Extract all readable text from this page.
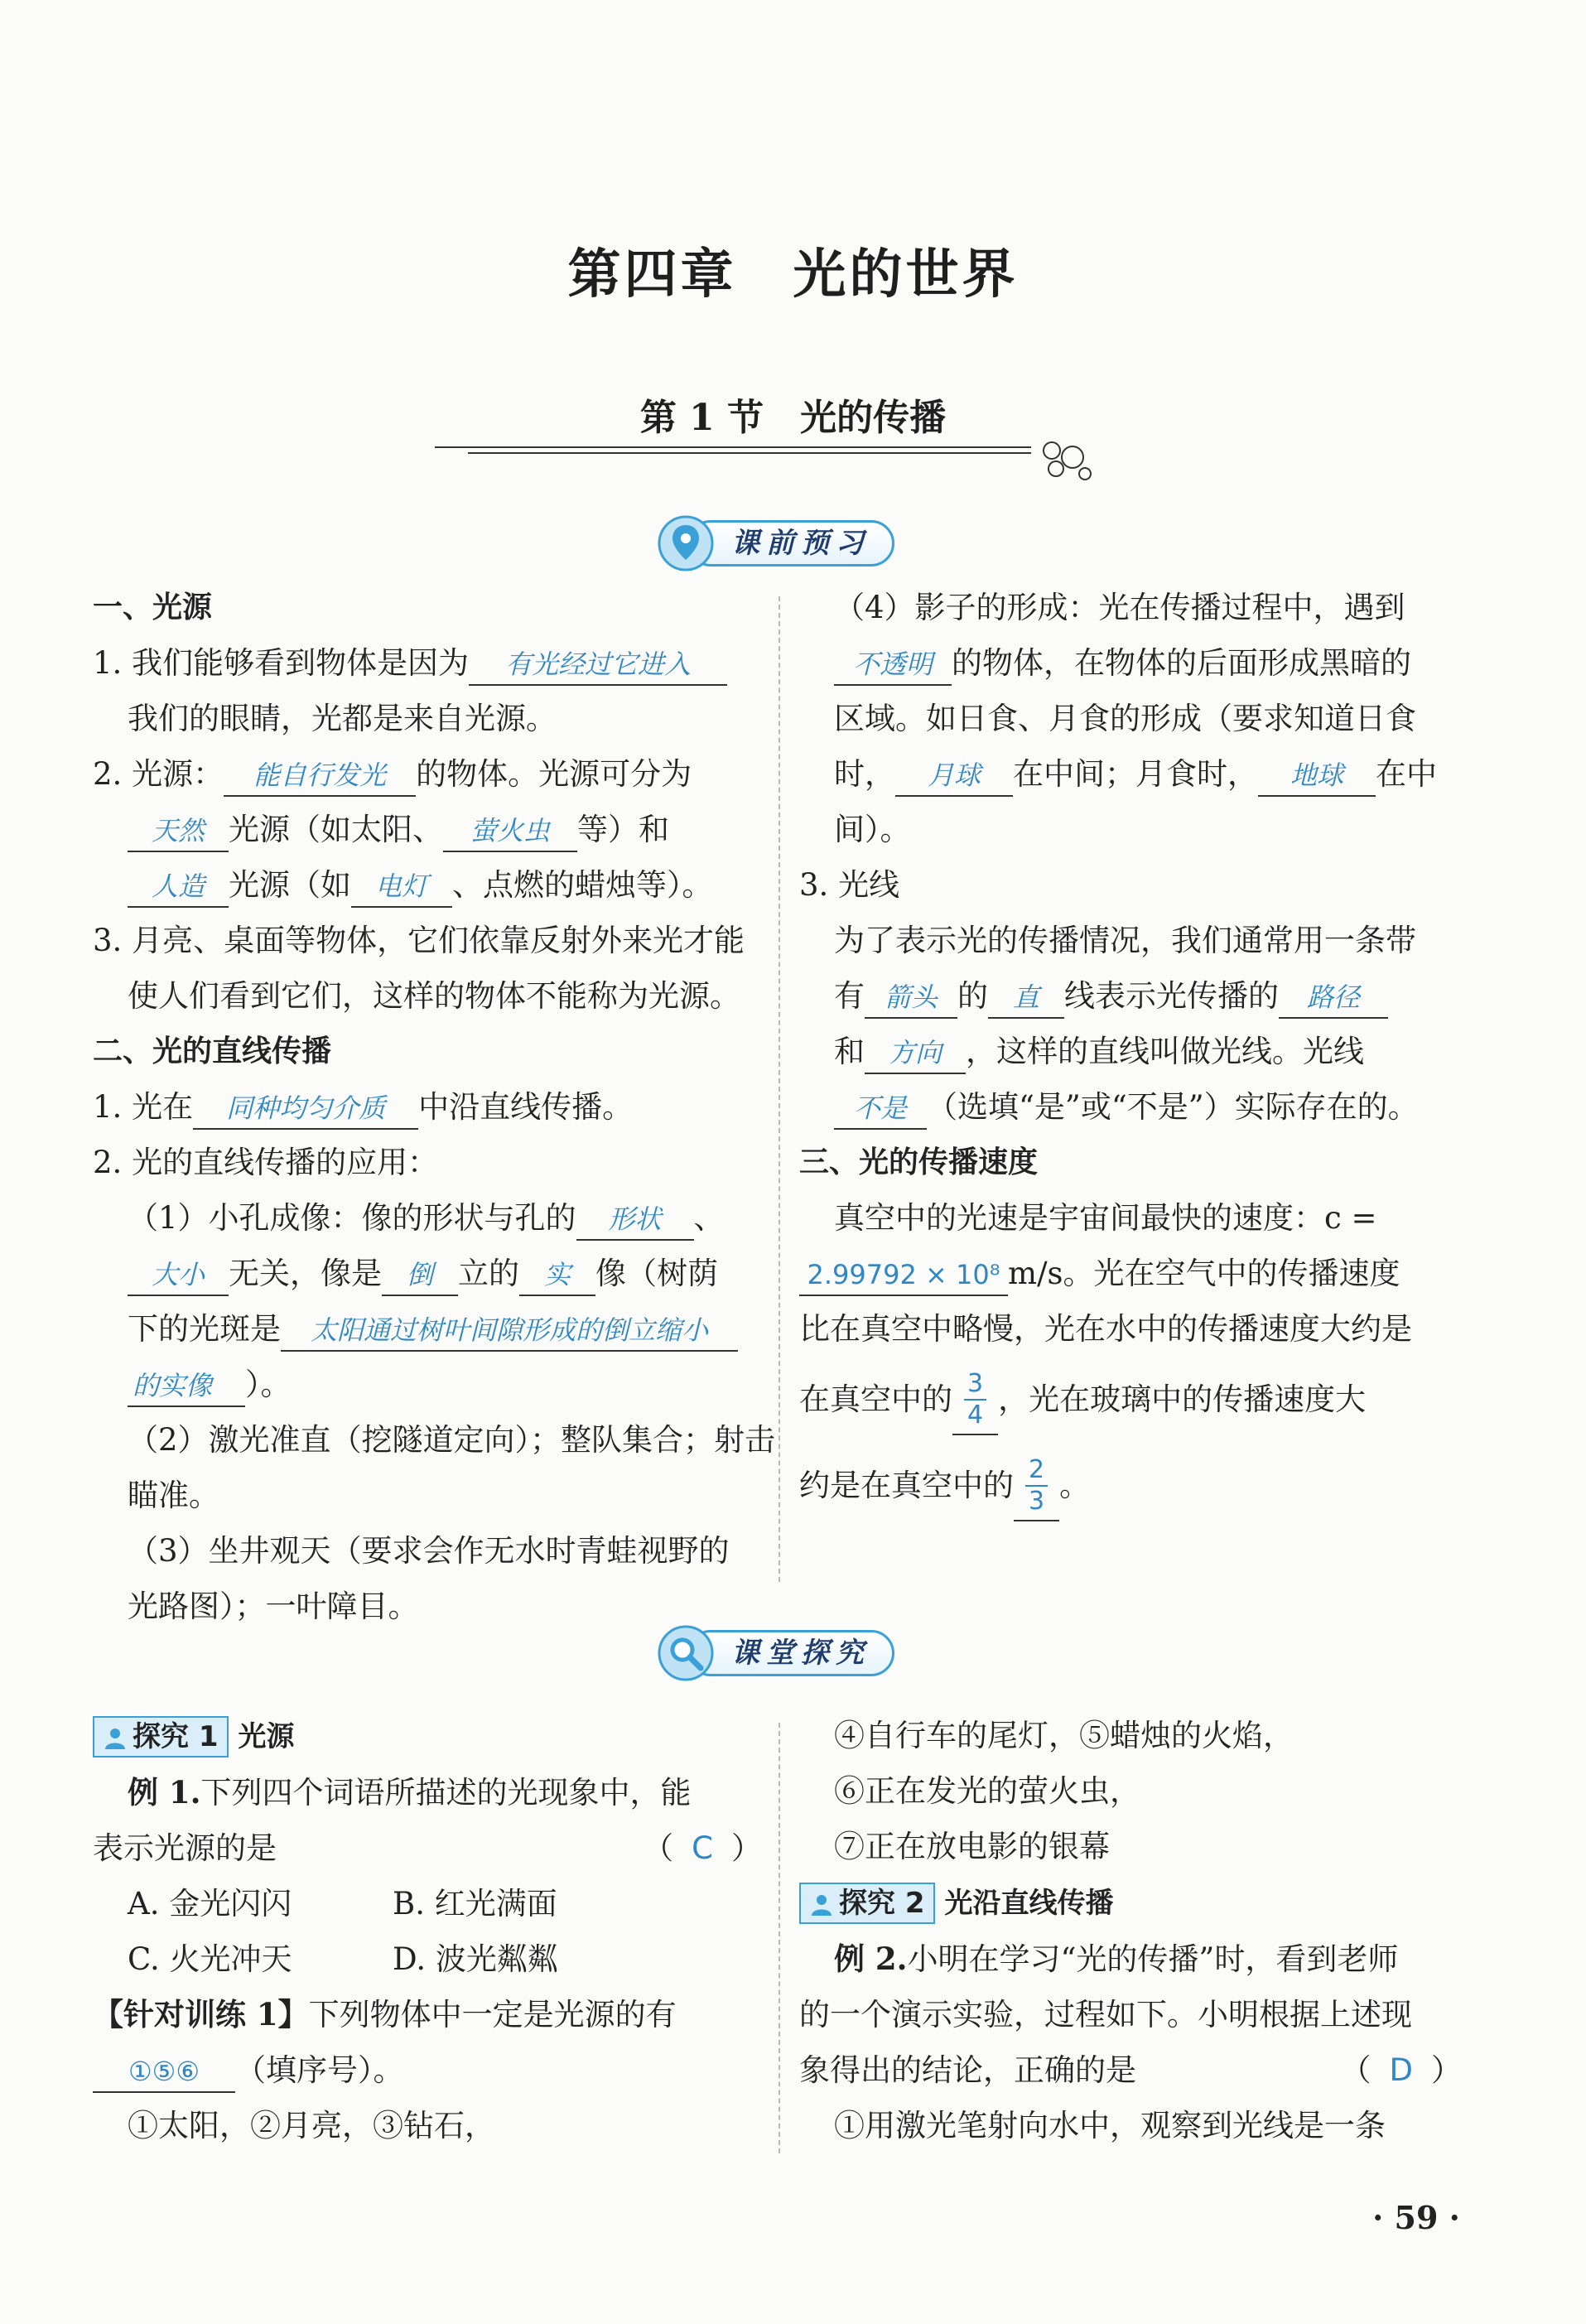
第四章　光的世界
第 1 节　光的传播
课前预习
一、光源
1. 我们能够看到物体是因为 有光经过它进入
我们的眼睛，光都是来自光源。
2. 光源： 能自行发光 的物体。光源可分为
天然 光源（如太阳、 萤火虫 等）和
人造 光源（如 电灯 、点燃的蜡烛等）。
3. 月亮、桌面等物体，它们依靠反射外来光才能
使人们看到它们，这样的物体不能称为光源。
二、光的直线传播
1. 光在 同种均匀介质 中沿直线传播。
2. 光的直线传播的应用：
（1）小孔成像：像的形状与孔的 形状 、
大小 无关，像是 倒 立的 实 像（树荫
下的光斑是 太阳通过树叶间隙形成的倒立缩小
的实像 ）。
（2）激光准直（挖隧道定向）；整队集合；射击
瞄准。
（3）坐井观天（要求会作无水时青蛙视野的
光路图）；一叶障目。
（4）影子的形成：光在传播过程中，遇到
不透明 的物体，在物体的后面形成黑暗的
区域。如日食、月食的形成（要求知道日食
时， 月球 在中间；月食时， 地球 在中
间）。
3. 光线
为了表示光的传播情况，我们通常用一条带
有 箭头 的 直 线表示光传播的 路径
和 方向 ，这样的直线叫做光线。光线
不是 （选填“是”或“不是”）实际存在的。
三、光的传播速度
真空中的光速是宇宙间最快的速度：c =
2.99792 × 10⁸ m/s。光在空气中的传播速度
比在真空中略慢，光在水中的传播速度大约是
在真空中的 $\frac{3}{4}$ ，光在玻璃中的传播速度大
约是在真空中的 $\frac{2}{3}$ 。
课堂探究
探究 1 光源
例 1.下列四个词语所描述的光现象中，能
表示光源的是	（ C ）
A. 金光闪闪	B. 红光满面
C. 火光冲天	D. 波光粼粼
【针对训练 1】下列物体中一定是光源的有
①⑤⑥ （填序号）。
①太阳，②月亮，③钻石，
④自行车的尾灯，⑤蜡烛的火焰，
⑥正在发光的萤火虫，
⑦正在放电影的银幕
探究 2 光沿直线传播
例 2.小明在学习“光的传播”时，看到老师
的一个演示实验，过程如下。小明根据上述现
象得出的结论，正确的是	（ D ）
①用激光笔射向水中，观察到光线是一条
· 59 ·
